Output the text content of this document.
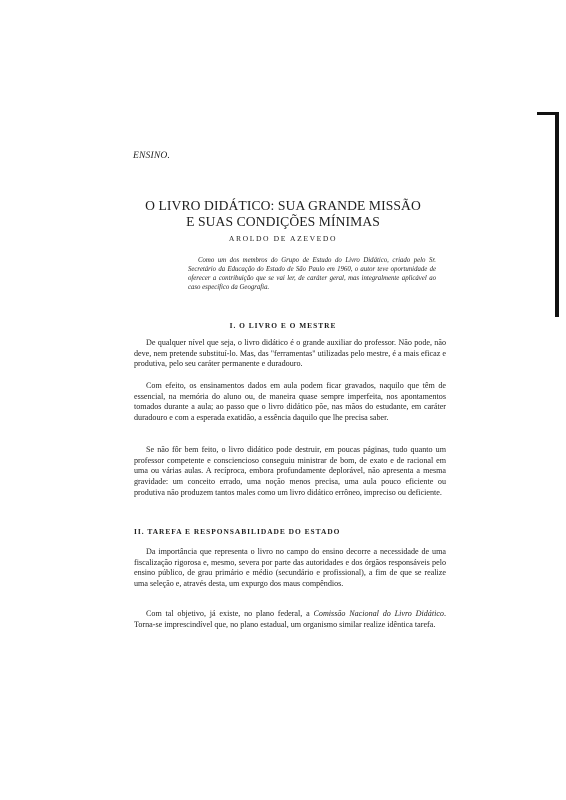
ENSINO.
O LIVRO DIDÁTICO: SUA GRANDE MISSÃO
E SUAS CONDIÇÕES MÍNIMAS
AROLDO DE AZEVEDO

Como um dos membros do Grupo de Estudo do Livro Didático, criado pelo Sr. Secretário da Educação do Estado de São Paulo em 1960, o autor teve oportunidade de oferecer a contribuição que se vai ler, de caráter geral, mas integralmente aplicável ao caso específico da Geografia.

I. O LIVRO E O MESTRE

De qualquer nível que seja, o livro didático é o grande auxiliar do professor. Não pode, não deve, nem pretende substituí-lo. Mas, das "ferramentas" utilizadas pelo mestre, é a mais eficaz e produtiva, pelo seu caráter permanente e duradouro.

Com efeito, os ensinamentos dados em aula podem ficar gravados, naquilo que têm de essencial, na memória do aluno ou, de maneira quase sempre imperfeita, nos apontamentos tomados durante a aula; ao passo que o livro didático põe, nas mãos do estudante, em caráter duradouro e com a esperada exatidão, a essência daquilo que lhe precisa saber.

Se não fôr bem feito, o livro didático pode destruir, em poucas páginas, tudo quanto um professor competente e consciencioso conseguiu ministrar de bom, de exato e de racional em uma ou várias aulas. A recíproca, embora profundamente deplorável, não apresenta a mesma gravidade: um conceito errado, uma noção menos precisa, uma aula pouco eficiente ou produtiva não produzem tantos males como um livro didático errôneo, impreciso ou deficiente.

II. TAREFA E RESPONSABILIDADE DO ESTADO

Da importância que representa o livro no campo do ensino decorre a necessidade de uma fiscalização rigorosa e, mesmo, severa por parte das autoridades e dos órgãos responsáveis pelo ensino público, de grau primário e médio (secundário e profissional), a fim de que se realize uma seleção e, através desta, um expurgo dos maus compêndios.

Com tal objetivo, já existe, no plano federal, a Comissão Nacional do Livro Didático. Torna-se imprescindível que, no plano estadual, um organismo similar realize idêntica tarefa.
